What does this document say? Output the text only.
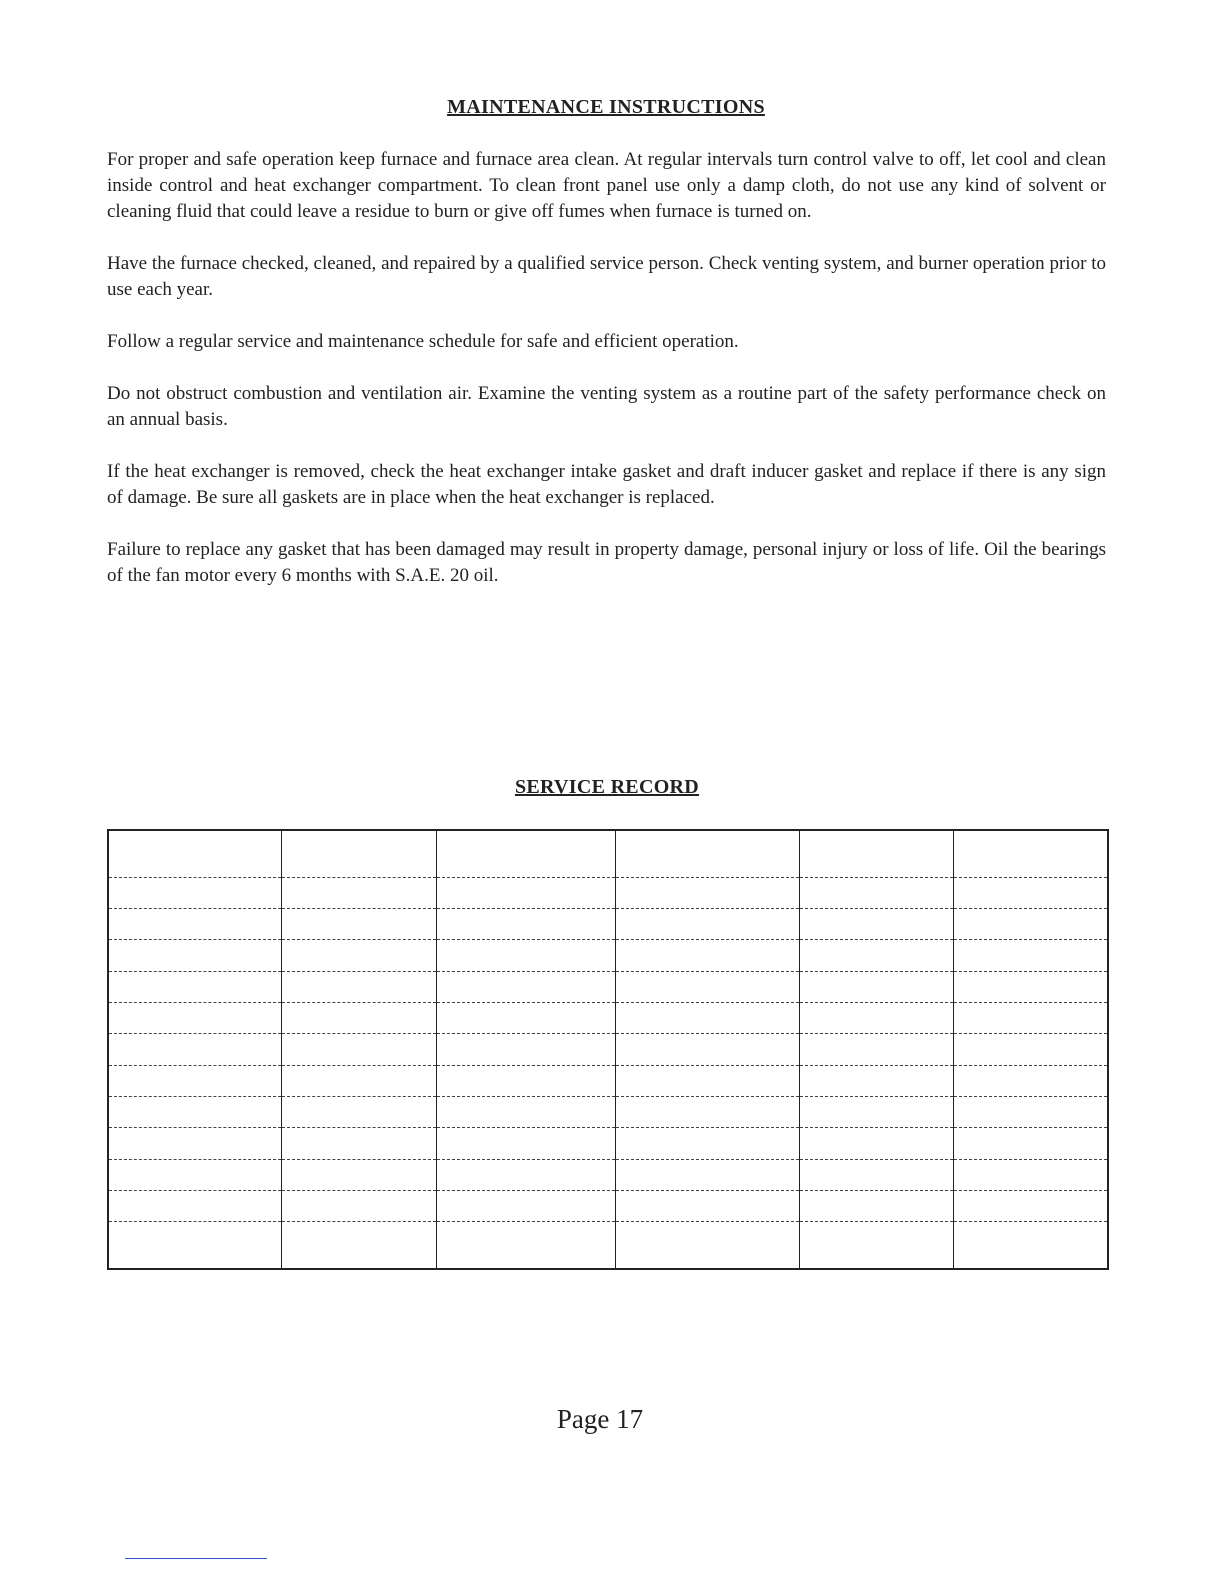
MAINTENANCE INSTRUCTIONS

For proper and safe operation keep furnace and furnace area clean. At regular intervals turn control valve to off, let cool and clean inside control and heat exchanger compartment. To clean front panel use only a damp cloth, do not use any kind of solvent or cleaning fluid that could leave a residue to burn or give off fumes when furnace is turned on.

Have the furnace checked, cleaned, and repaired by a qualified service person. Check venting system, and burner operation prior to use each year.

Follow a regular service and maintenance schedule for safe and efficient operation.

Do not obstruct combustion and ventilation air. Examine the venting system as a routine part of the safety performance check on an annual basis.

If the heat exchanger is removed, check the heat exchanger intake gasket and draft inducer gasket and replace if there is any sign of damage. Be sure all gaskets are in place when the heat exchanger is replaced.

Failure to replace any gasket that has been damaged may result in property damage, personal injury or loss of life. Oil the bearings of the fan motor every 6 months with S.A.E. 20 oil.

SERVICE RECORD

Page 17
